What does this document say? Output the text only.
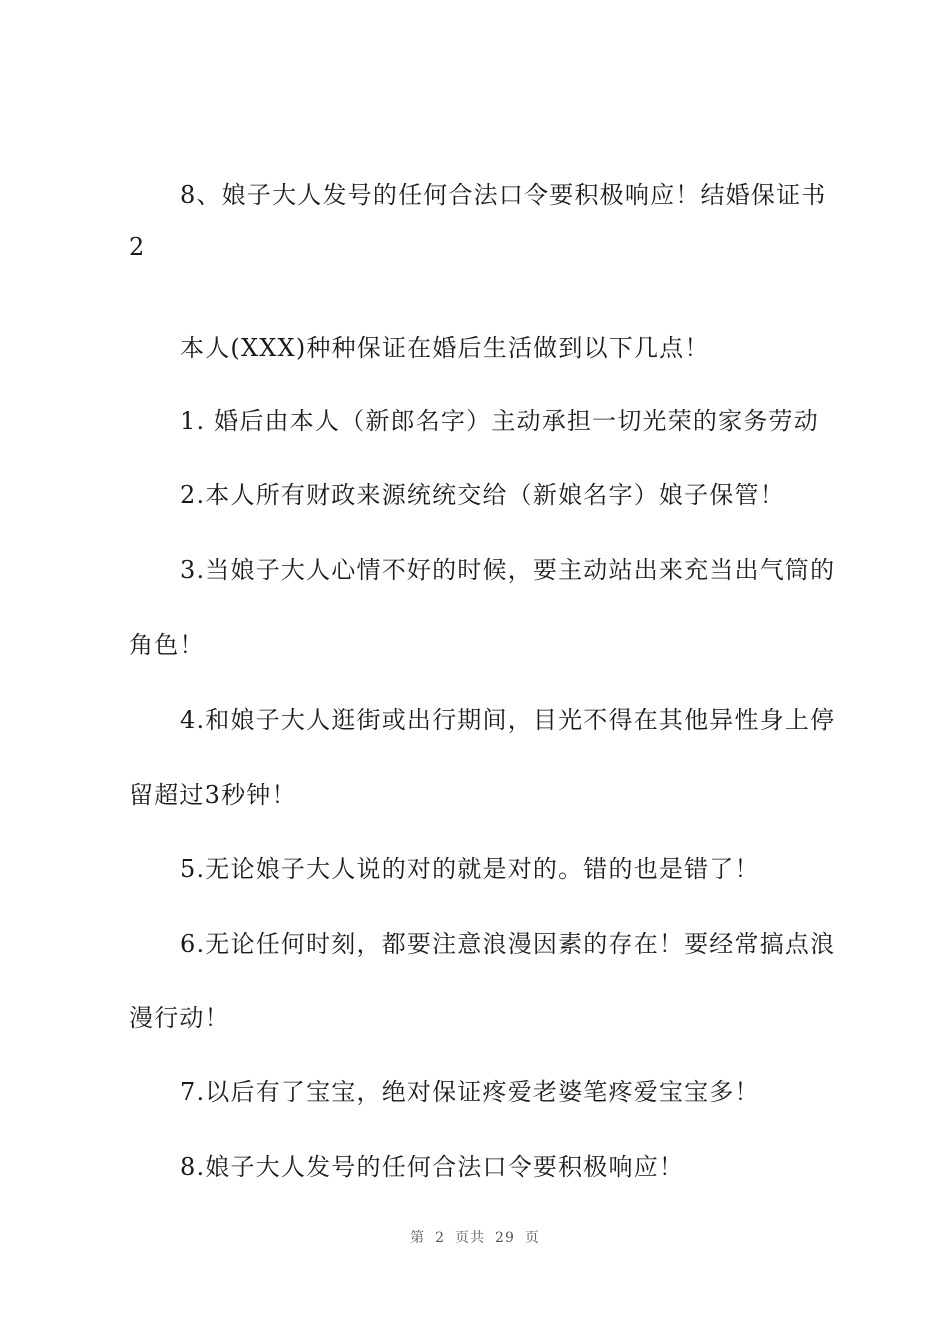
8、娘子大人发号的任何合法口令要积极响应！结婚保证书
2
本人(XXX)种种保证在婚后生活做到以下几点！
1. 婚后由本人（新郎名字）主动承担一切光荣的家务劳动
2.本人所有财政来源统统交给（新娘名字）娘子保管！
3.当娘子大人心情不好的时候，要主动站出来充当出气筒的
角色！
4.和娘子大人逛街或出行期间，目光不得在其他异性身上停
留超过3秒钟！
5.无论娘子大人说的对的就是对的。错的也是错了！
6.无论任何时刻，都要注意浪漫因素的存在！要经常搞点浪
漫行动！
7.以后有了宝宝，绝对保证疼爱老婆笔疼爱宝宝多！
8.娘子大人发号的任何合法口令要积极响应！
第 2 页共 29 页
